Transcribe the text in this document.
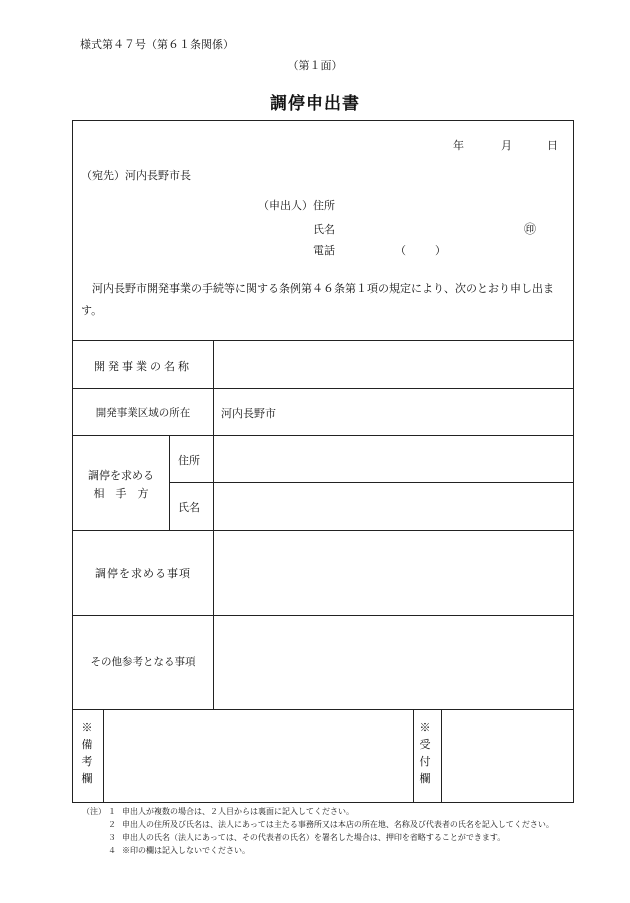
様式第４７号（第６１条関係）
（第１面）
調停申出書
年	月	日
（宛先）河内長野市長
（申出人） 住所
氏名	㊞
電話	（	）
河内長野市開発事業の手続等に関する条例第４６条第１項の規定により、次のとおり申し出ます。
開発事業の名称
開発事業区域の所在	河内長野市
調停を求める
相　手　方
住所
氏名
調停を求める事項
その他参考となる事項
※備考欄
※受付欄
（注） １ 申出人が複数の場合は、２人目からは裏面に記入してください。
２ 申出人の住所及び氏名は、法人にあっては主たる事務所又は本店の所在地、名称及び代表者の氏名を記入してください。
３ 申出人の氏名（法人にあっては、その代表者の氏名）を署名した場合は、押印を省略することができます。
４ ※印の欄は記入しないでください。
